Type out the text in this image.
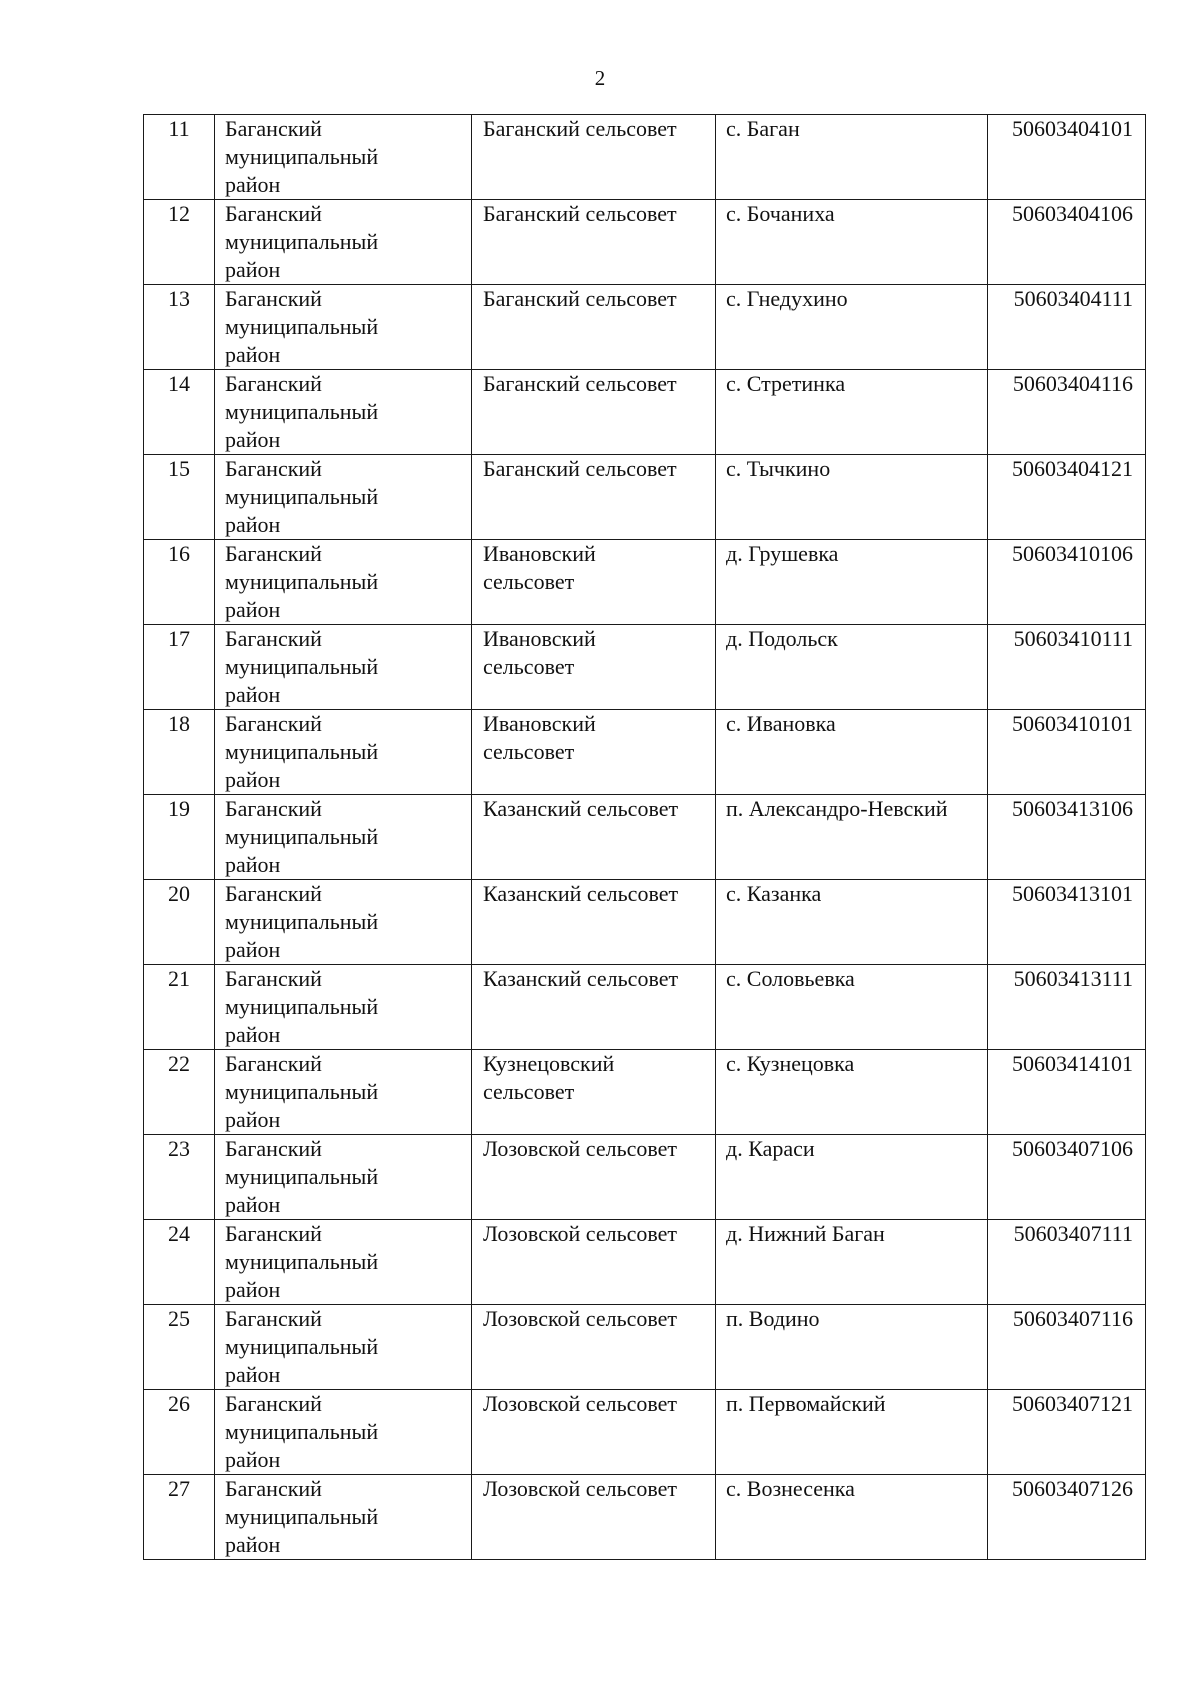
2
11	Баганский
муниципальный
район	Баганский сельсовет	с. Баган	50603404101
12	Баганский
муниципальный
район	Баганский сельсовет	с. Бочаниха	50603404106
13	Баганский
муниципальный
район	Баганский сельсовет	с. Гнедухино	50603404111
14	Баганский
муниципальный
район	Баганский сельсовет	с. Стретинка	50603404116
15	Баганский
муниципальный
район	Баганский сельсовет	с. Тычкино	50603404121
16	Баганский
муниципальный
район	Ивановский
сельсовет	д. Грушевка	50603410106
17	Баганский
муниципальный
район	Ивановский
сельсовет	д. Подольск	50603410111
18	Баганский
муниципальный
район	Ивановский
сельсовет	с. Ивановка	50603410101
19	Баганский
муниципальный
район	Казанский сельсовет	п. Александро-Невский	50603413106
20	Баганский
муниципальный
район	Казанский сельсовет	с. Казанка	50603413101
21	Баганский
муниципальный
район	Казанский сельсовет	с. Соловьевка	50603413111
22	Баганский
муниципальный
район	Кузнецовский
сельсовет	с. Кузнецовка	50603414101
23	Баганский
муниципальный
район	Лозовской сельсовет	д. Караси	50603407106
24	Баганский
муниципальный
район	Лозовской сельсовет	д. Нижний Баган	50603407111
25	Баганский
муниципальный
район	Лозовской сельсовет	п. Водино	50603407116
26	Баганский
муниципальный
район	Лозовской сельсовет	п. Первомайский	50603407121
27	Баганский
муниципальный
район	Лозовской сельсовет	с. Вознесенка	50603407126
